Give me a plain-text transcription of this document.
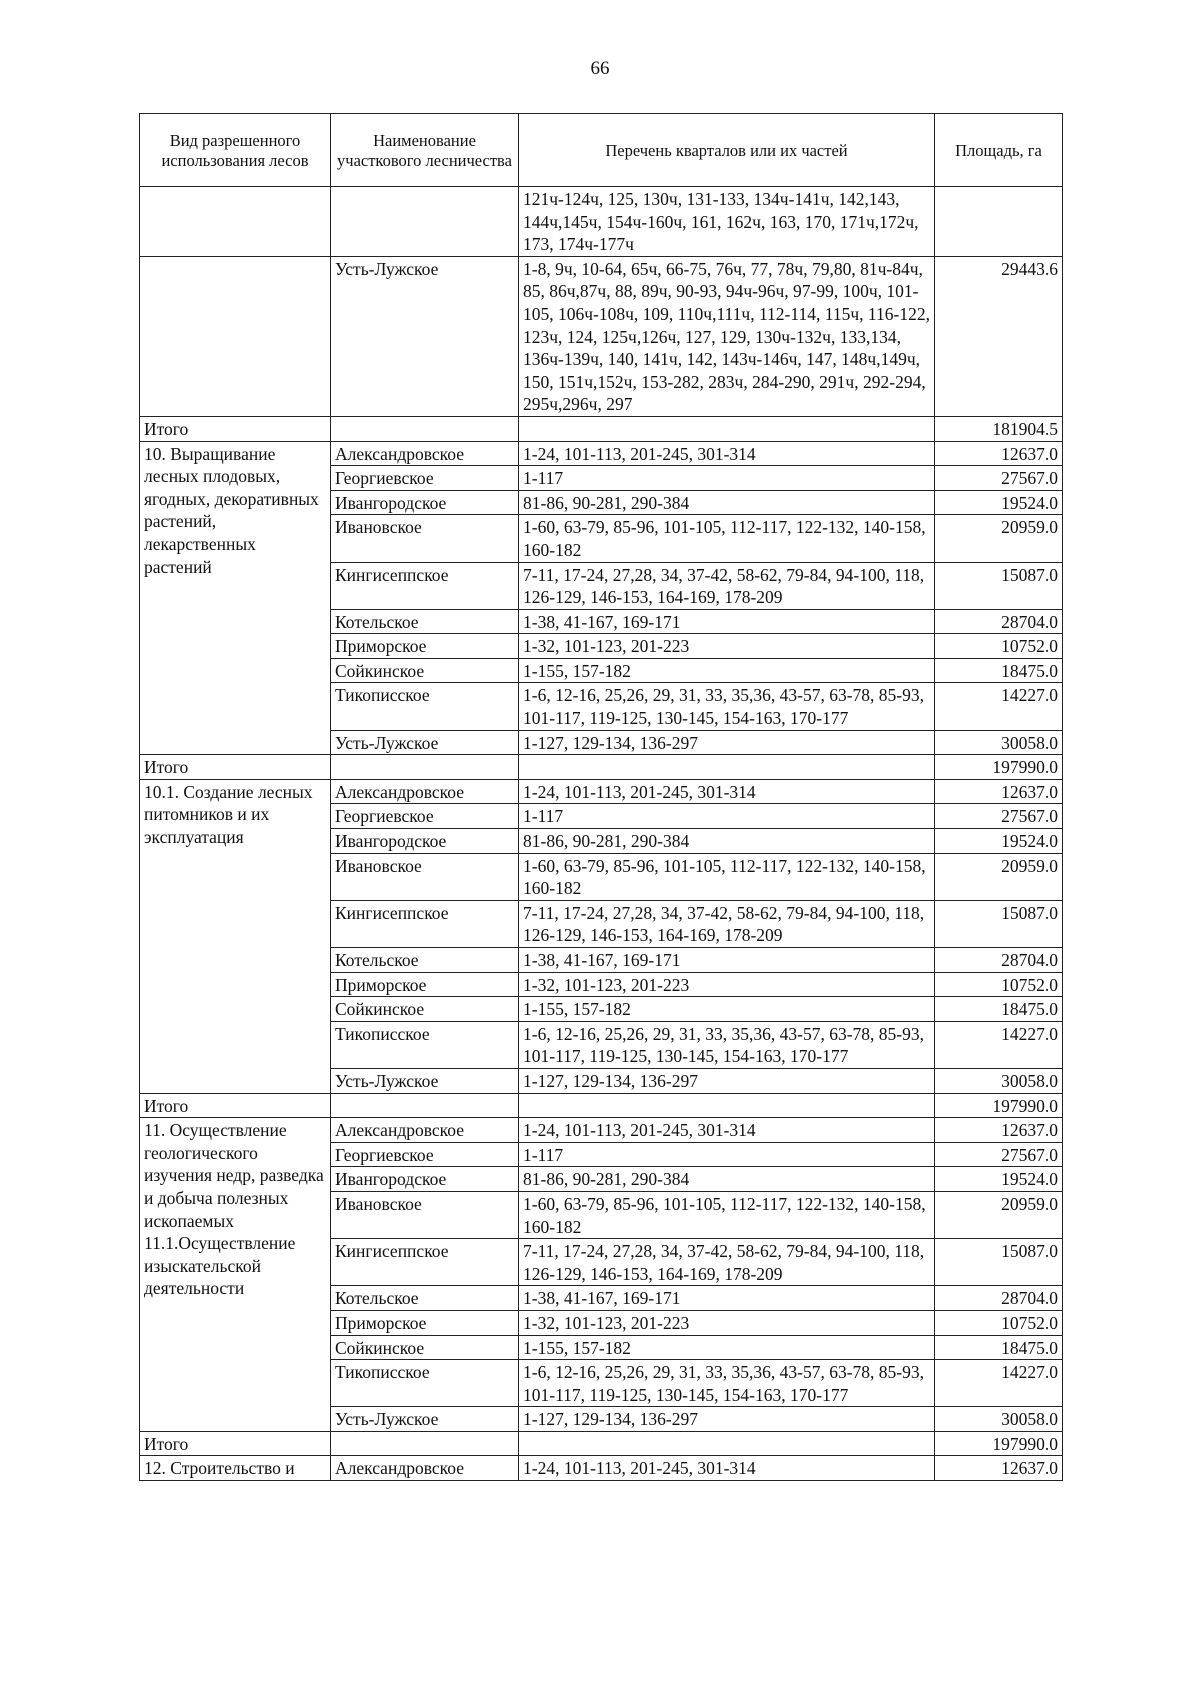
66
Вид разрешенного использования лесов	Наименование участкового лесничества	Перечень кварталов или их частей	Площадь, га
		121ч-124ч, 125, 130ч, 131-133, 134ч-141ч, 142,143, 144ч,145ч, 154ч-160ч, 161, 162ч, 163, 170, 171ч,172ч, 173, 174ч-177ч	
	Усть-Лужское	1-8, 9ч, 10-64, 65ч, 66-75, 76ч, 77, 78ч, 79,80, 81ч-84ч, 85, 86ч,87ч, 88, 89ч, 90-93, 94ч-96ч, 97-99, 100ч, 101-105, 106ч-108ч, 109, 110ч,111ч, 112-114, 115ч, 116-122, 123ч, 124, 125ч,126ч, 127, 129, 130ч-132ч, 133,134, 136ч-139ч, 140, 141ч, 142, 143ч-146ч, 147, 148ч,149ч, 150, 151ч,152ч, 153-282, 283ч, 284-290, 291ч, 292-294, 295ч,296ч, 297	29443.6
Итого			181904.5
10. Выращивание лесных плодовых, ягодных, декоративных растений, лекарственных растений	Александровское	1-24, 101-113, 201-245, 301-314	12637.0
	Георгиевское	1-117	27567.0
	Ивангородское	81-86, 90-281, 290-384	19524.0
	Ивановское	1-60, 63-79, 85-96, 101-105, 112-117, 122-132, 140-158, 160-182	20959.0
	Кингисеппское	7-11, 17-24, 27,28, 34, 37-42, 58-62, 79-84, 94-100, 118, 126-129, 146-153, 164-169, 178-209	15087.0
	Котельское	1-38, 41-167, 169-171	28704.0
	Приморское	1-32, 101-123, 201-223	10752.0
	Сойкинское	1-155, 157-182	18475.0
	Тикописское	1-6, 12-16, 25,26, 29, 31, 33, 35,36, 43-57, 63-78, 85-93, 101-117, 119-125, 130-145, 154-163, 170-177	14227.0
	Усть-Лужское	1-127, 129-134, 136-297	30058.0
Итого			197990.0
10.1. Создание лесных питомников и их эксплуатация	Александровское	1-24, 101-113, 201-245, 301-314	12637.0
	Георгиевское	1-117	27567.0
	Ивангородское	81-86, 90-281, 290-384	19524.0
	Ивановское	1-60, 63-79, 85-96, 101-105, 112-117, 122-132, 140-158, 160-182	20959.0
	Кингисеппское	7-11, 17-24, 27,28, 34, 37-42, 58-62, 79-84, 94-100, 118, 126-129, 146-153, 164-169, 178-209	15087.0
	Котельское	1-38, 41-167, 169-171	28704.0
	Приморское	1-32, 101-123, 201-223	10752.0
	Сойкинское	1-155, 157-182	18475.0
	Тикописское	1-6, 12-16, 25,26, 29, 31, 33, 35,36, 43-57, 63-78, 85-93, 101-117, 119-125, 130-145, 154-163, 170-177	14227.0
	Усть-Лужское	1-127, 129-134, 136-297	30058.0
Итого			197990.0
11. Осуществление геологического изучения недр, разведка и добыча полезных ископаемых 11.1.Осуществление изыскательской деятельности	Александровское	1-24, 101-113, 201-245, 301-314	12637.0
	Георгиевское	1-117	27567.0
	Ивангородское	81-86, 90-281, 290-384	19524.0
	Ивановское	1-60, 63-79, 85-96, 101-105, 112-117, 122-132, 140-158, 160-182	20959.0
	Кингисеппское	7-11, 17-24, 27,28, 34, 37-42, 58-62, 79-84, 94-100, 118, 126-129, 146-153, 164-169, 178-209	15087.0
	Котельское	1-38, 41-167, 169-171	28704.0
	Приморское	1-32, 101-123, 201-223	10752.0
	Сойкинское	1-155, 157-182	18475.0
	Тикописское	1-6, 12-16, 25,26, 29, 31, 33, 35,36, 43-57, 63-78, 85-93, 101-117, 119-125, 130-145, 154-163, 170-177	14227.0
	Усть-Лужское	1-127, 129-134, 136-297	30058.0
Итого			197990.0
12. Строительство и	Александровское	1-24, 101-113, 201-245, 301-314	12637.0
